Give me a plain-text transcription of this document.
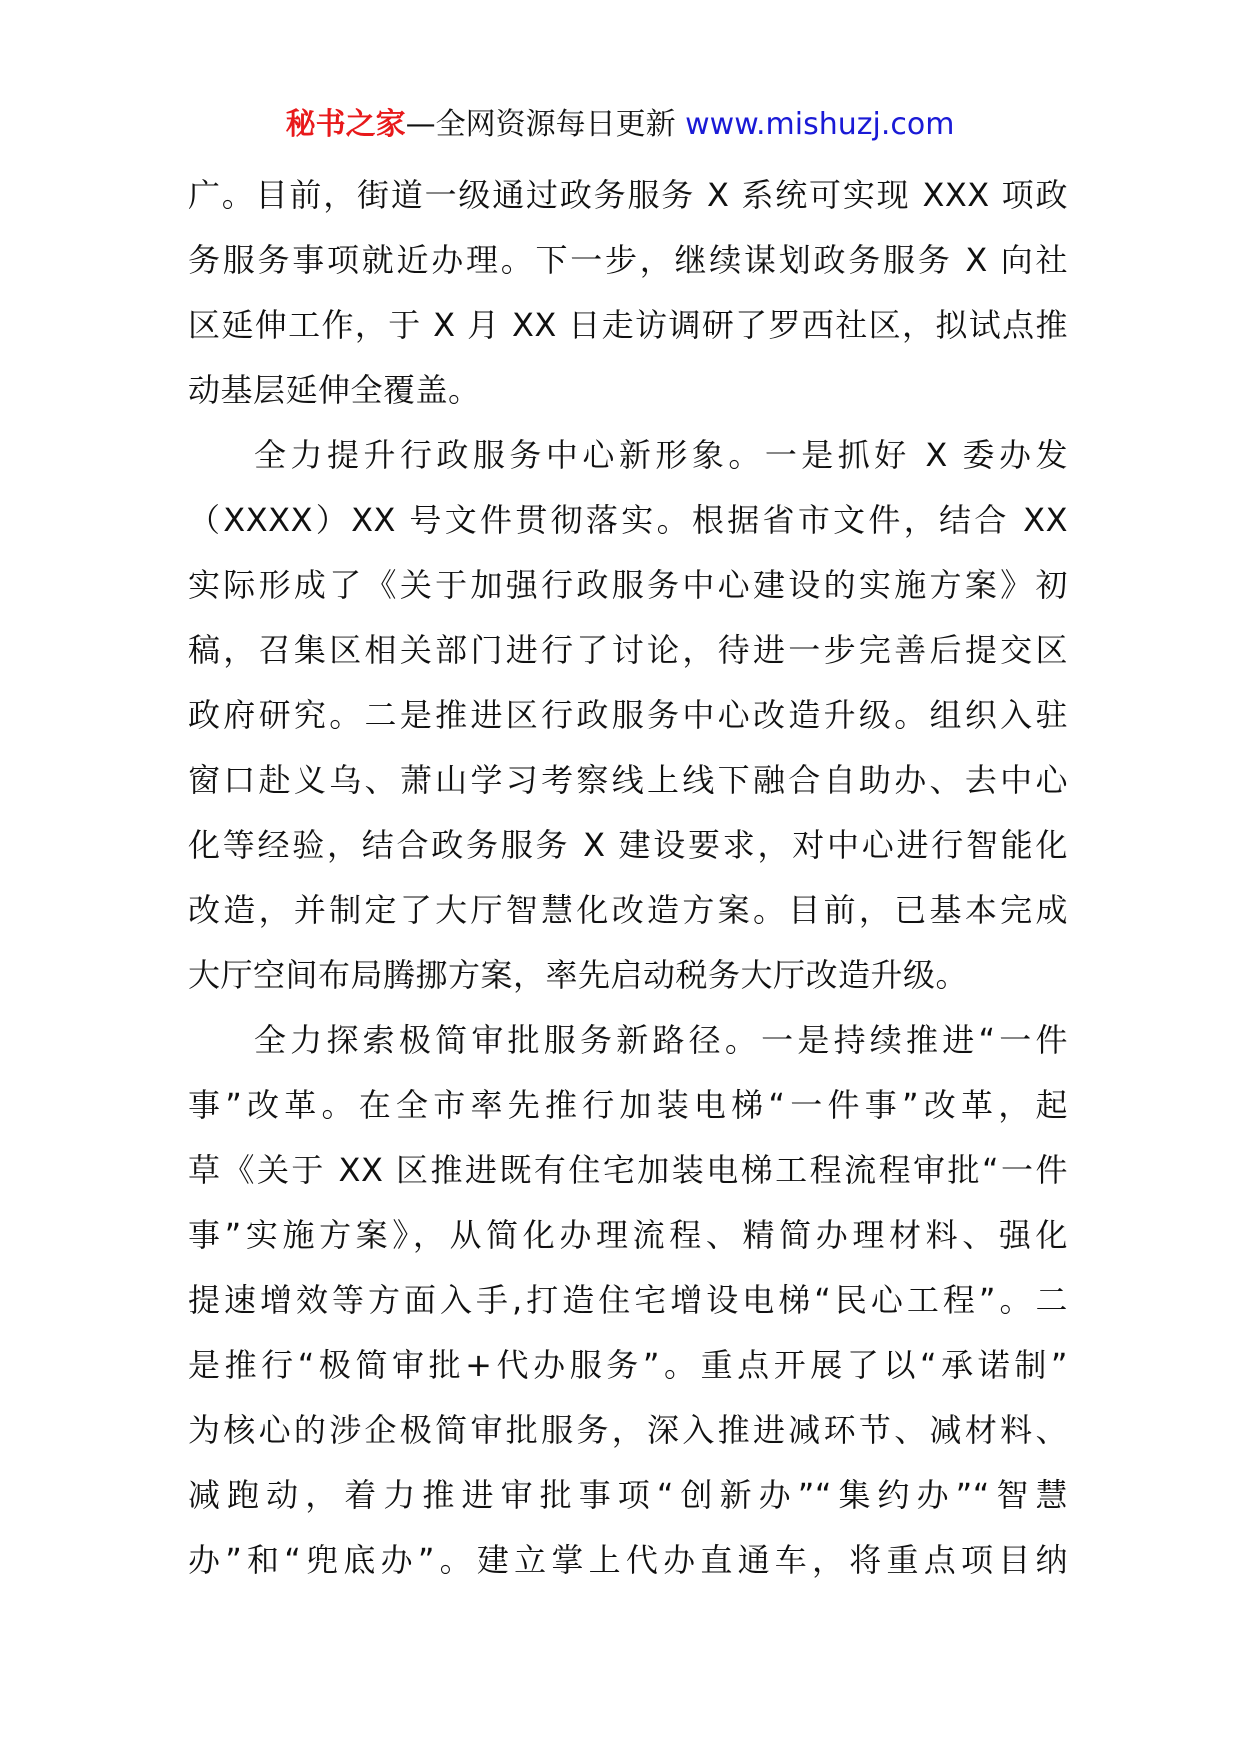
秘书之家—全网资源每日更新 www.mishuzj.com
广。目前，街道一级通过政务服务 X 系统可实现 XXX 项政
务服务事项就近办理。下一步，继续谋划政务服务 X 向社
区延伸工作，于 X 月 XX 日走访调研了罗西社区，拟试点推
动基层延伸全覆盖。
全力提升行政服务中心新形象。一是抓好 X 委办发
（XXXX）XX 号文件贯彻落实。根据省市文件，结合 XX
实际形成了《关于加强行政服务中心建设的实施方案》初
稿，召集区相关部门进行了讨论，待进一步完善后提交区
政府研究。二是推进区行政服务中心改造升级。组织入驻
窗口赴义乌、萧山学习考察线上线下融合自助办、去中心
化等经验，结合政务服务 X 建设要求，对中心进行智能化
改造，并制定了大厅智慧化改造方案。目前，已基本完成
大厅空间布局腾挪方案，率先启动税务大厅改造升级。
全力探索极简审批服务新路径。一是持续推进“一件
事”改革。在全市率先推行加装电梯“一件事”改革，起
草《关于 XX 区推进既有住宅加装电梯工程流程审批“一件
事”实施方案》，从简化办理流程、精简办理材料、强化
提速增效等方面入手,打造住宅增设电梯“民心工程”。二
是推行“极简审批+代办服务”。重点开展了以“承诺制”
为核心的涉企极简审批服务，深入推进减环节、减材料、
减跑动，着力推进审批事项“创新办”“集约办”“智慧
办”和“兜底办”。建立掌上代办直通车，将重点项目纳
